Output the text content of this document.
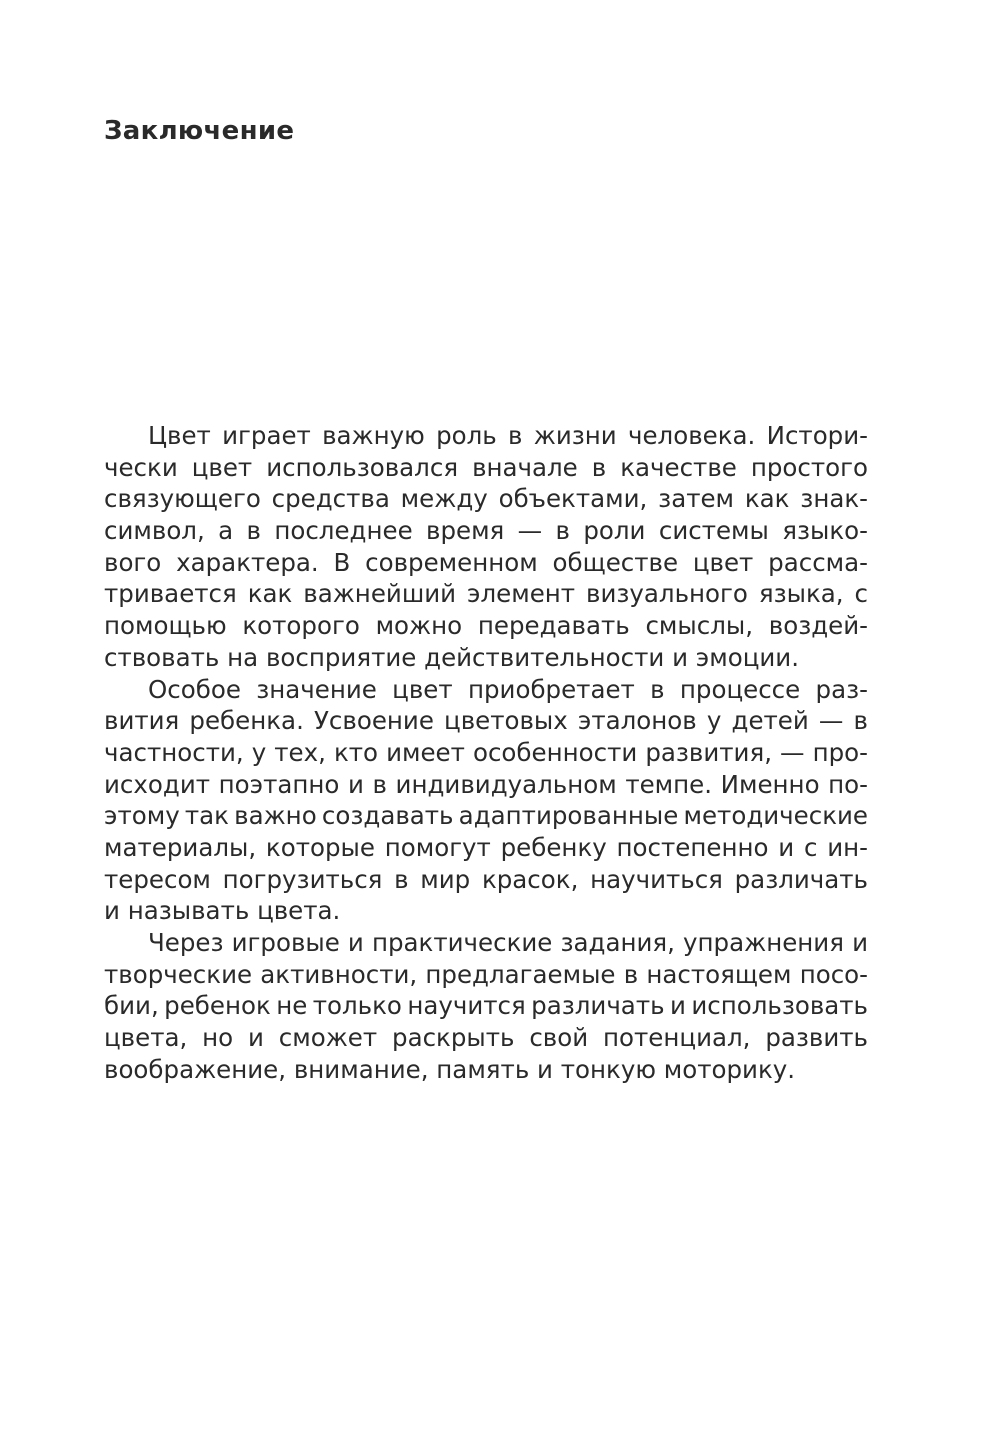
Заключение

Цвет играет важную роль в жизни человека. Истори-
чески цвет использовался вначале в качестве простого
связующего средства между объектами, затем как знак-
символ, а в последнее время — в роли системы языко-
вого характера. В современном обществе цвет рассма-
тривается как важнейший элемент визуального языка, с
помощью которого можно передавать смыслы, воздей-
ствовать на восприятие действительности и эмоции.

Особое значение цвет приобретает в процессе раз-
вития ребенка. Усвоение цветовых эталонов у детей — в
частности, у тех, кто имеет особенности развития, — про-
исходит поэтапно и в индивидуальном темпе. Именно по-
этому так важно создавать адаптированные методические
материалы, которые помогут ребенку постепенно и с ин-
тересом погрузиться в мир красок, научиться различать
и называть цвета.

Через игровые и практические задания, упражнения и
творческие активности, предлагаемые в настоящем посо-
бии, ребенок не только научится различать и использовать
цвета, но и сможет раскрыть свой потенциал, развить
воображение, внимание, память и тонкую моторику.
